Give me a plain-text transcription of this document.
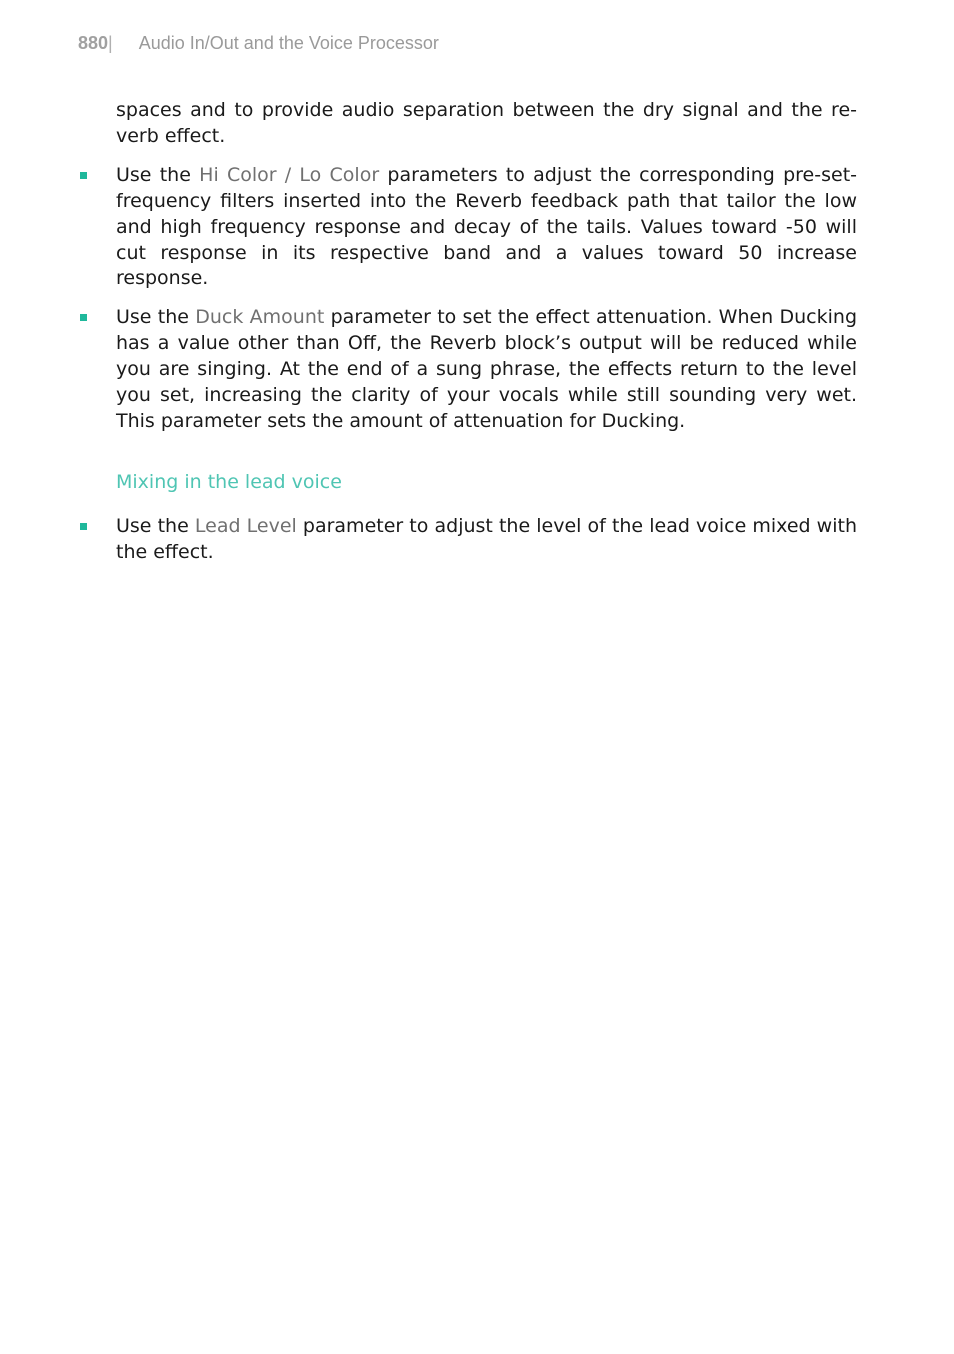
880| Audio In/Out and the Voice Processor

spaces and to provide audio separation between the dry signal and the re-verb effect.

Use the Hi Color / Lo Color parameters to adjust the corresponding pre-set-frequency filters inserted into the Reverb feedback path that tailor the low and high frequency response and decay of the tails. Values toward -50 will cut response in its respective band and a values toward 50 increase response.

Use the Duck Amount parameter to set the effect attenuation. When Ducking has a value other than Off, the Reverb block’s output will be reduced while you are singing. At the end of a sung phrase, the effects return to the level you set, increasing the clarity of your vocals while still sounding very wet. This parameter sets the amount of attenuation for Ducking.

Mixing in the lead voice

Use the Lead Level parameter to adjust the level of the lead voice mixed with the effect.
